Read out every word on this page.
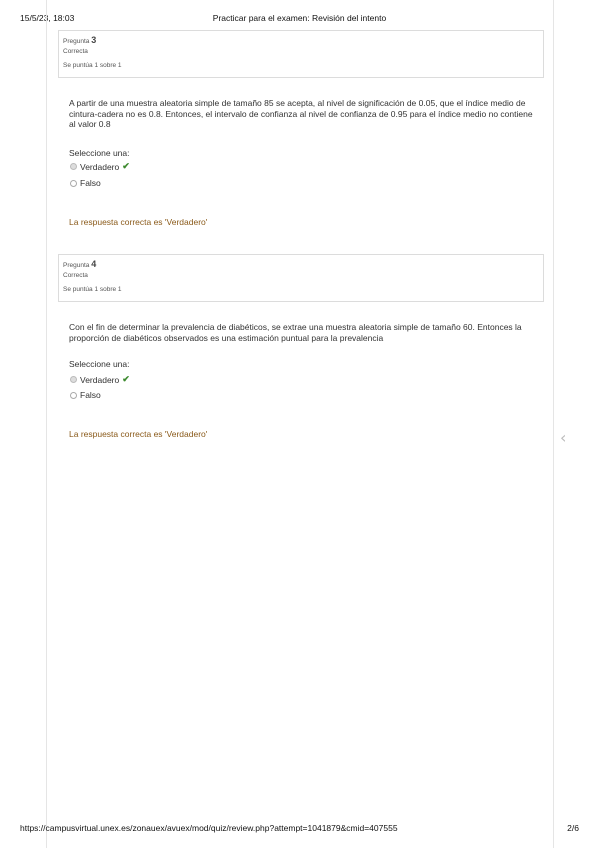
15/5/23, 18:03	Practicar para el examen: Revisión del intento
Pregunta 3
Correcta
Se puntúa 1 sobre 1
A partir de una muestra aleatoria simple de tamaño 85 se acepta, al nivel de significación de 0.05, que el índice medio de cintura-cadera no es 0.8. Entonces, el intervalo de confianza al nivel de confianza de 0.95 para el índice medio no contiene al valor 0.8
Seleccione una:
Verdadero ✔
Falso
La respuesta correcta es 'Verdadero'
Pregunta 4
Correcta
Se puntúa 1 sobre 1
Con el fin de determinar la prevalencia de diabéticos, se extrae una muestra aleatoria simple de tamaño 60. Entonces la proporción de diabéticos observados es una estimación puntual para la prevalencia
Seleccione una:
Verdadero ✔
Falso
La respuesta correcta es 'Verdadero'	‹
https://campusvirtual.unex.es/zonauex/avuex/mod/quiz/review.php?attempt=1041879&cmid=407555	2/6
